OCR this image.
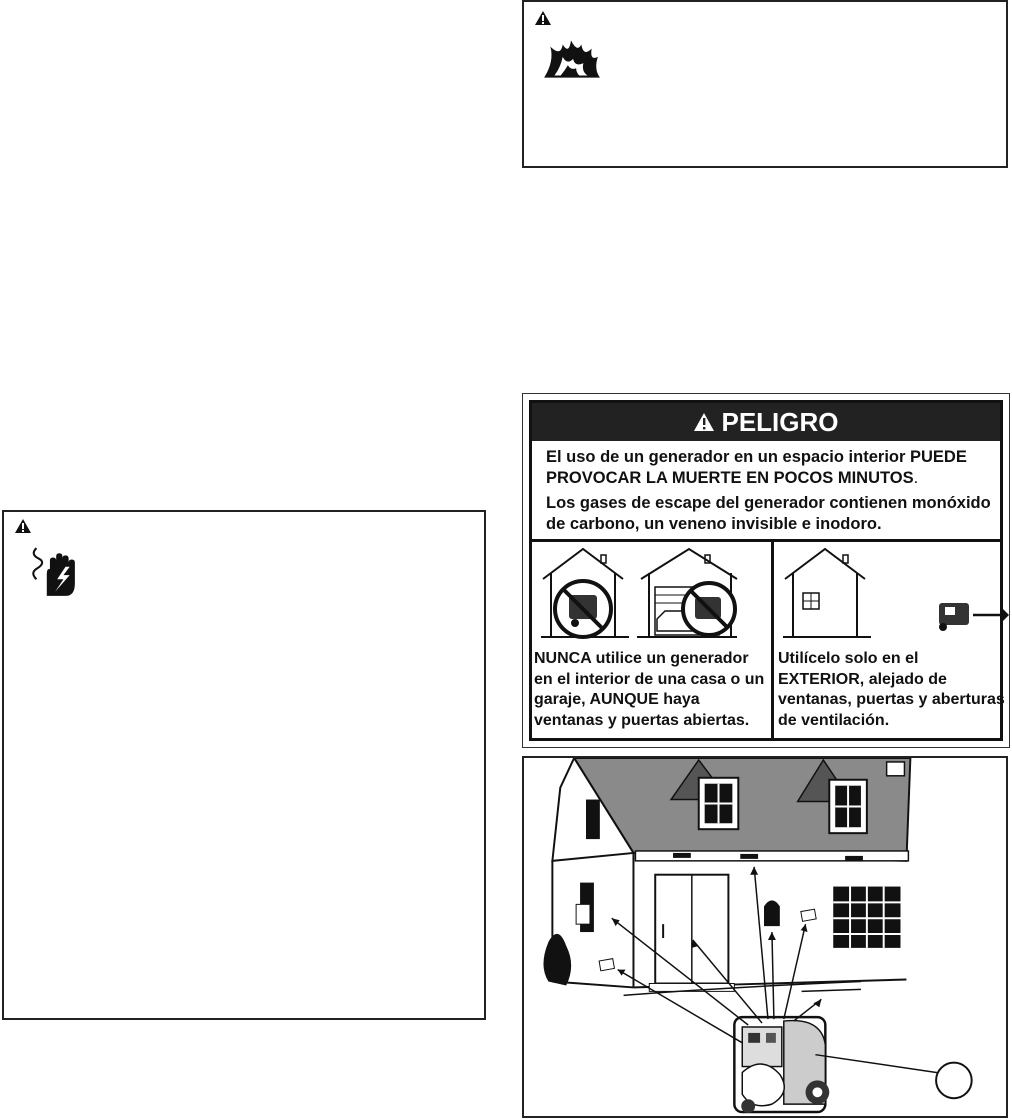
PELIGRO
El uso de un generador en un espacio interior PUEDE PROVOCAR LA MUERTE EN POCOS MINUTOS.
Los gases de escape del generador contienen monóxido de carbono, un veneno invisible e inodoro.
NUNCA utilice un generador en el interior de una casa o un garaje, AUNQUE haya ventanas y puertas abiertas.
Utilícelo solo en el EXTERIOR, alejado de ventanas, puertas y aberturas de ventilación.
